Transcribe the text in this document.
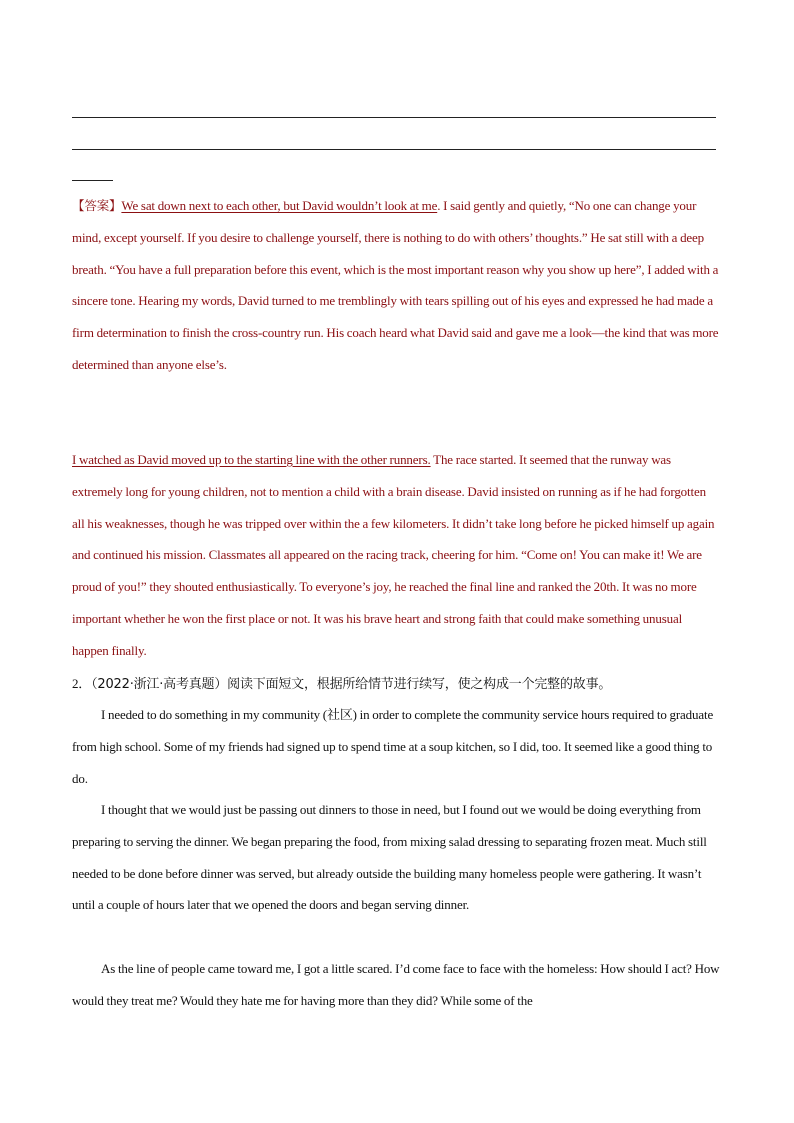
【答案】We sat down next to each other, but David wouldn’t look at me. I said gently and quietly, “No one can change your mind, except yourself. If you desire to challenge yourself, there is nothing to do with others’ thoughts.” He sat still with a deep breath. “You have a full preparation before this event, which is the most important reason why you show up here”, I added with a sincere tone. Hearing my words, David turned to me tremblingly with tears spilling out of his eyes and expressed he had made a firm determination to finish the cross-country run. His coach heard what David said and gave me a look—the kind that was more determined than anyone else’s.
I watched as David moved up to the starting line with the other runners. The race started. It seemed that the runway was extremely long for young children, not to mention a child with a brain disease. David insisted on running as if he had forgotten all his weaknesses, though he was tripped over within the a few kilometers. It didn’t take long before he picked himself up again and continued his mission. Classmates all appeared on the racing track, cheering for him. “Come on! You can make it! We are proud of you!” they shouted enthusiastically. To everyone’s joy, he reached the final line and ranked the 20th. It was no more important whether he won the first place or not. It was his brave heart and strong faith that could make something unusual happen finally.
2．（2022·浙江·高考真题）阅读下面短文，根据所给情节进行续写，使之构成一个完整的故事。
I needed to do something in my community (社区) in order to complete the community service hours required to graduate from high school. Some of my friends had signed up to spend time at a soup kitchen, so I did, too. It seemed like a good thing to do.
I thought that we would just be passing out dinners to those in need, but I found out we would be doing everything from preparing to serving the dinner. We began preparing the food, from mixing salad dressing to separating frozen meat. Much still needed to be done before dinner was served, but already outside the building many homeless people were gathering. It wasn’t until a couple of hours later that we opened the doors and began serving dinner.
As the line of people came toward me, I got a little scared. I’d come face to face with the homeless: How should I act? How would they treat me? Would they hate me for having more than they did? While some of the
